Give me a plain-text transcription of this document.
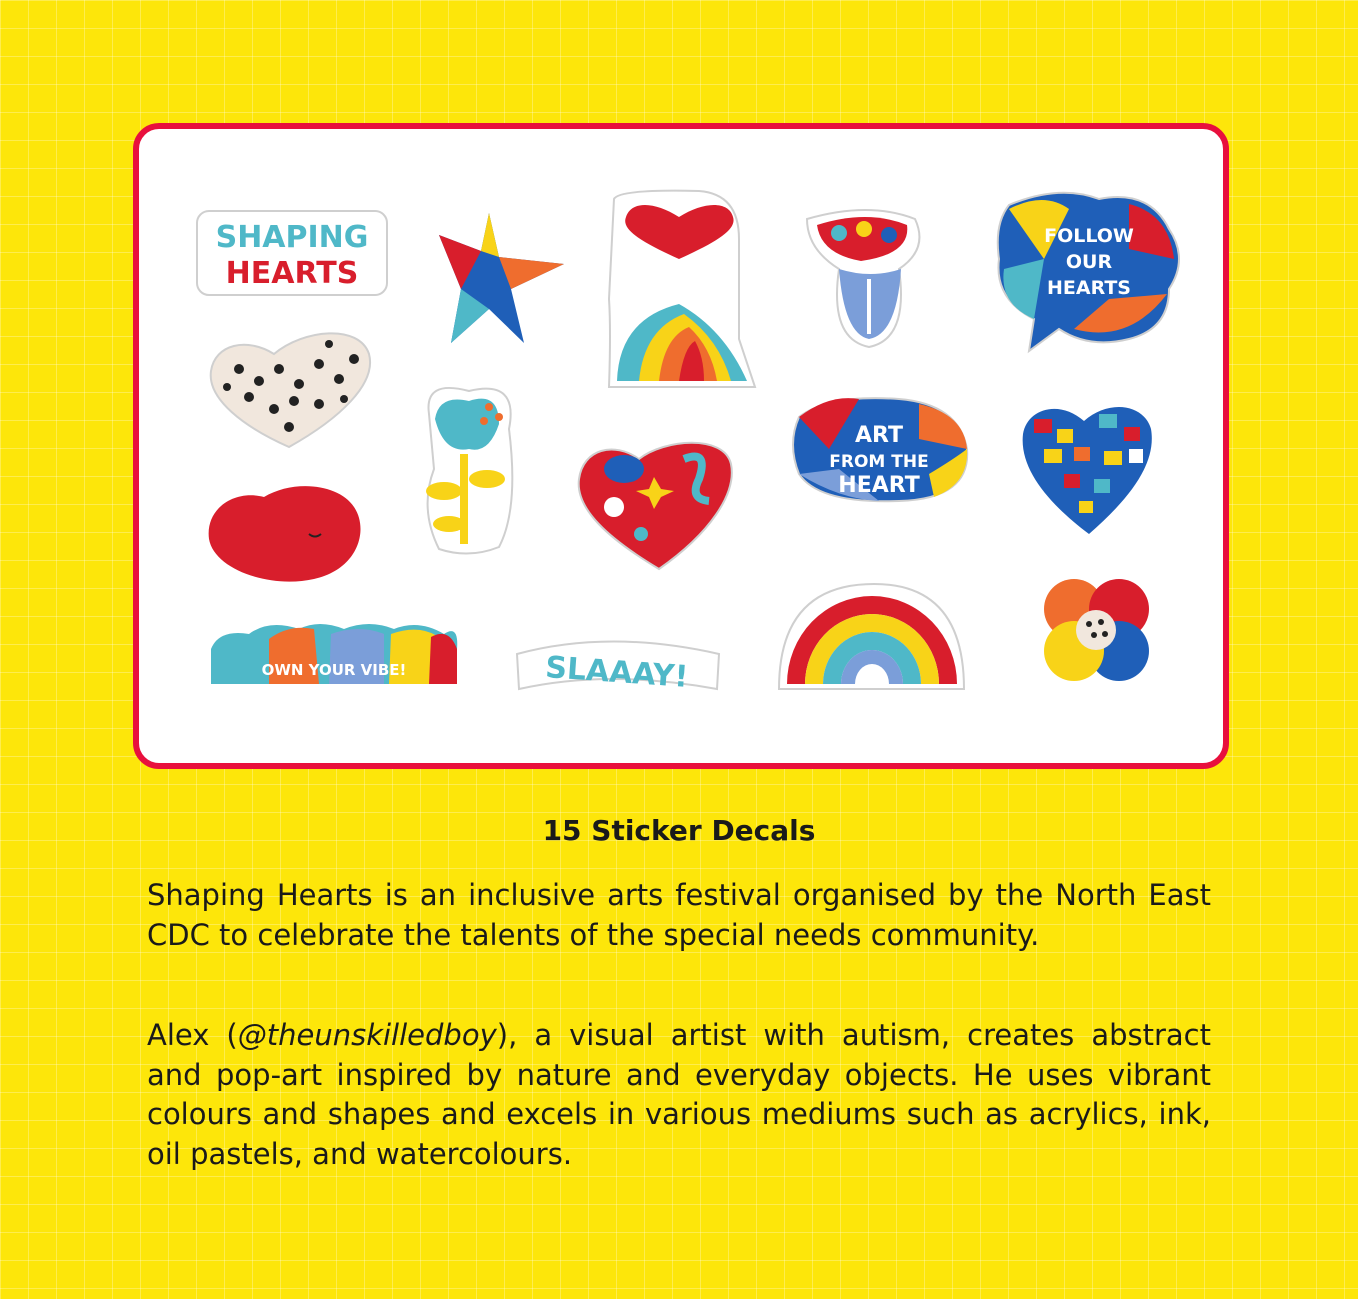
SHAPING
HEARTS
FOLLOW
OUR
HEARTS
ART
FROM THE
HEART
OWN YOUR VIBE!	SLAAAY!
15 Sticker Decals

Shaping Hearts is an inclusive arts festival organised by the North East CDC to celebrate the talents of the special needs community.

Alex (@theunskilledboy), a visual artist with autism, creates abstract and pop-art inspired by nature and everyday objects. He uses vibrant colours and shapes and excels in various mediums such as acrylics, ink, oil pastels, and watercolours.
